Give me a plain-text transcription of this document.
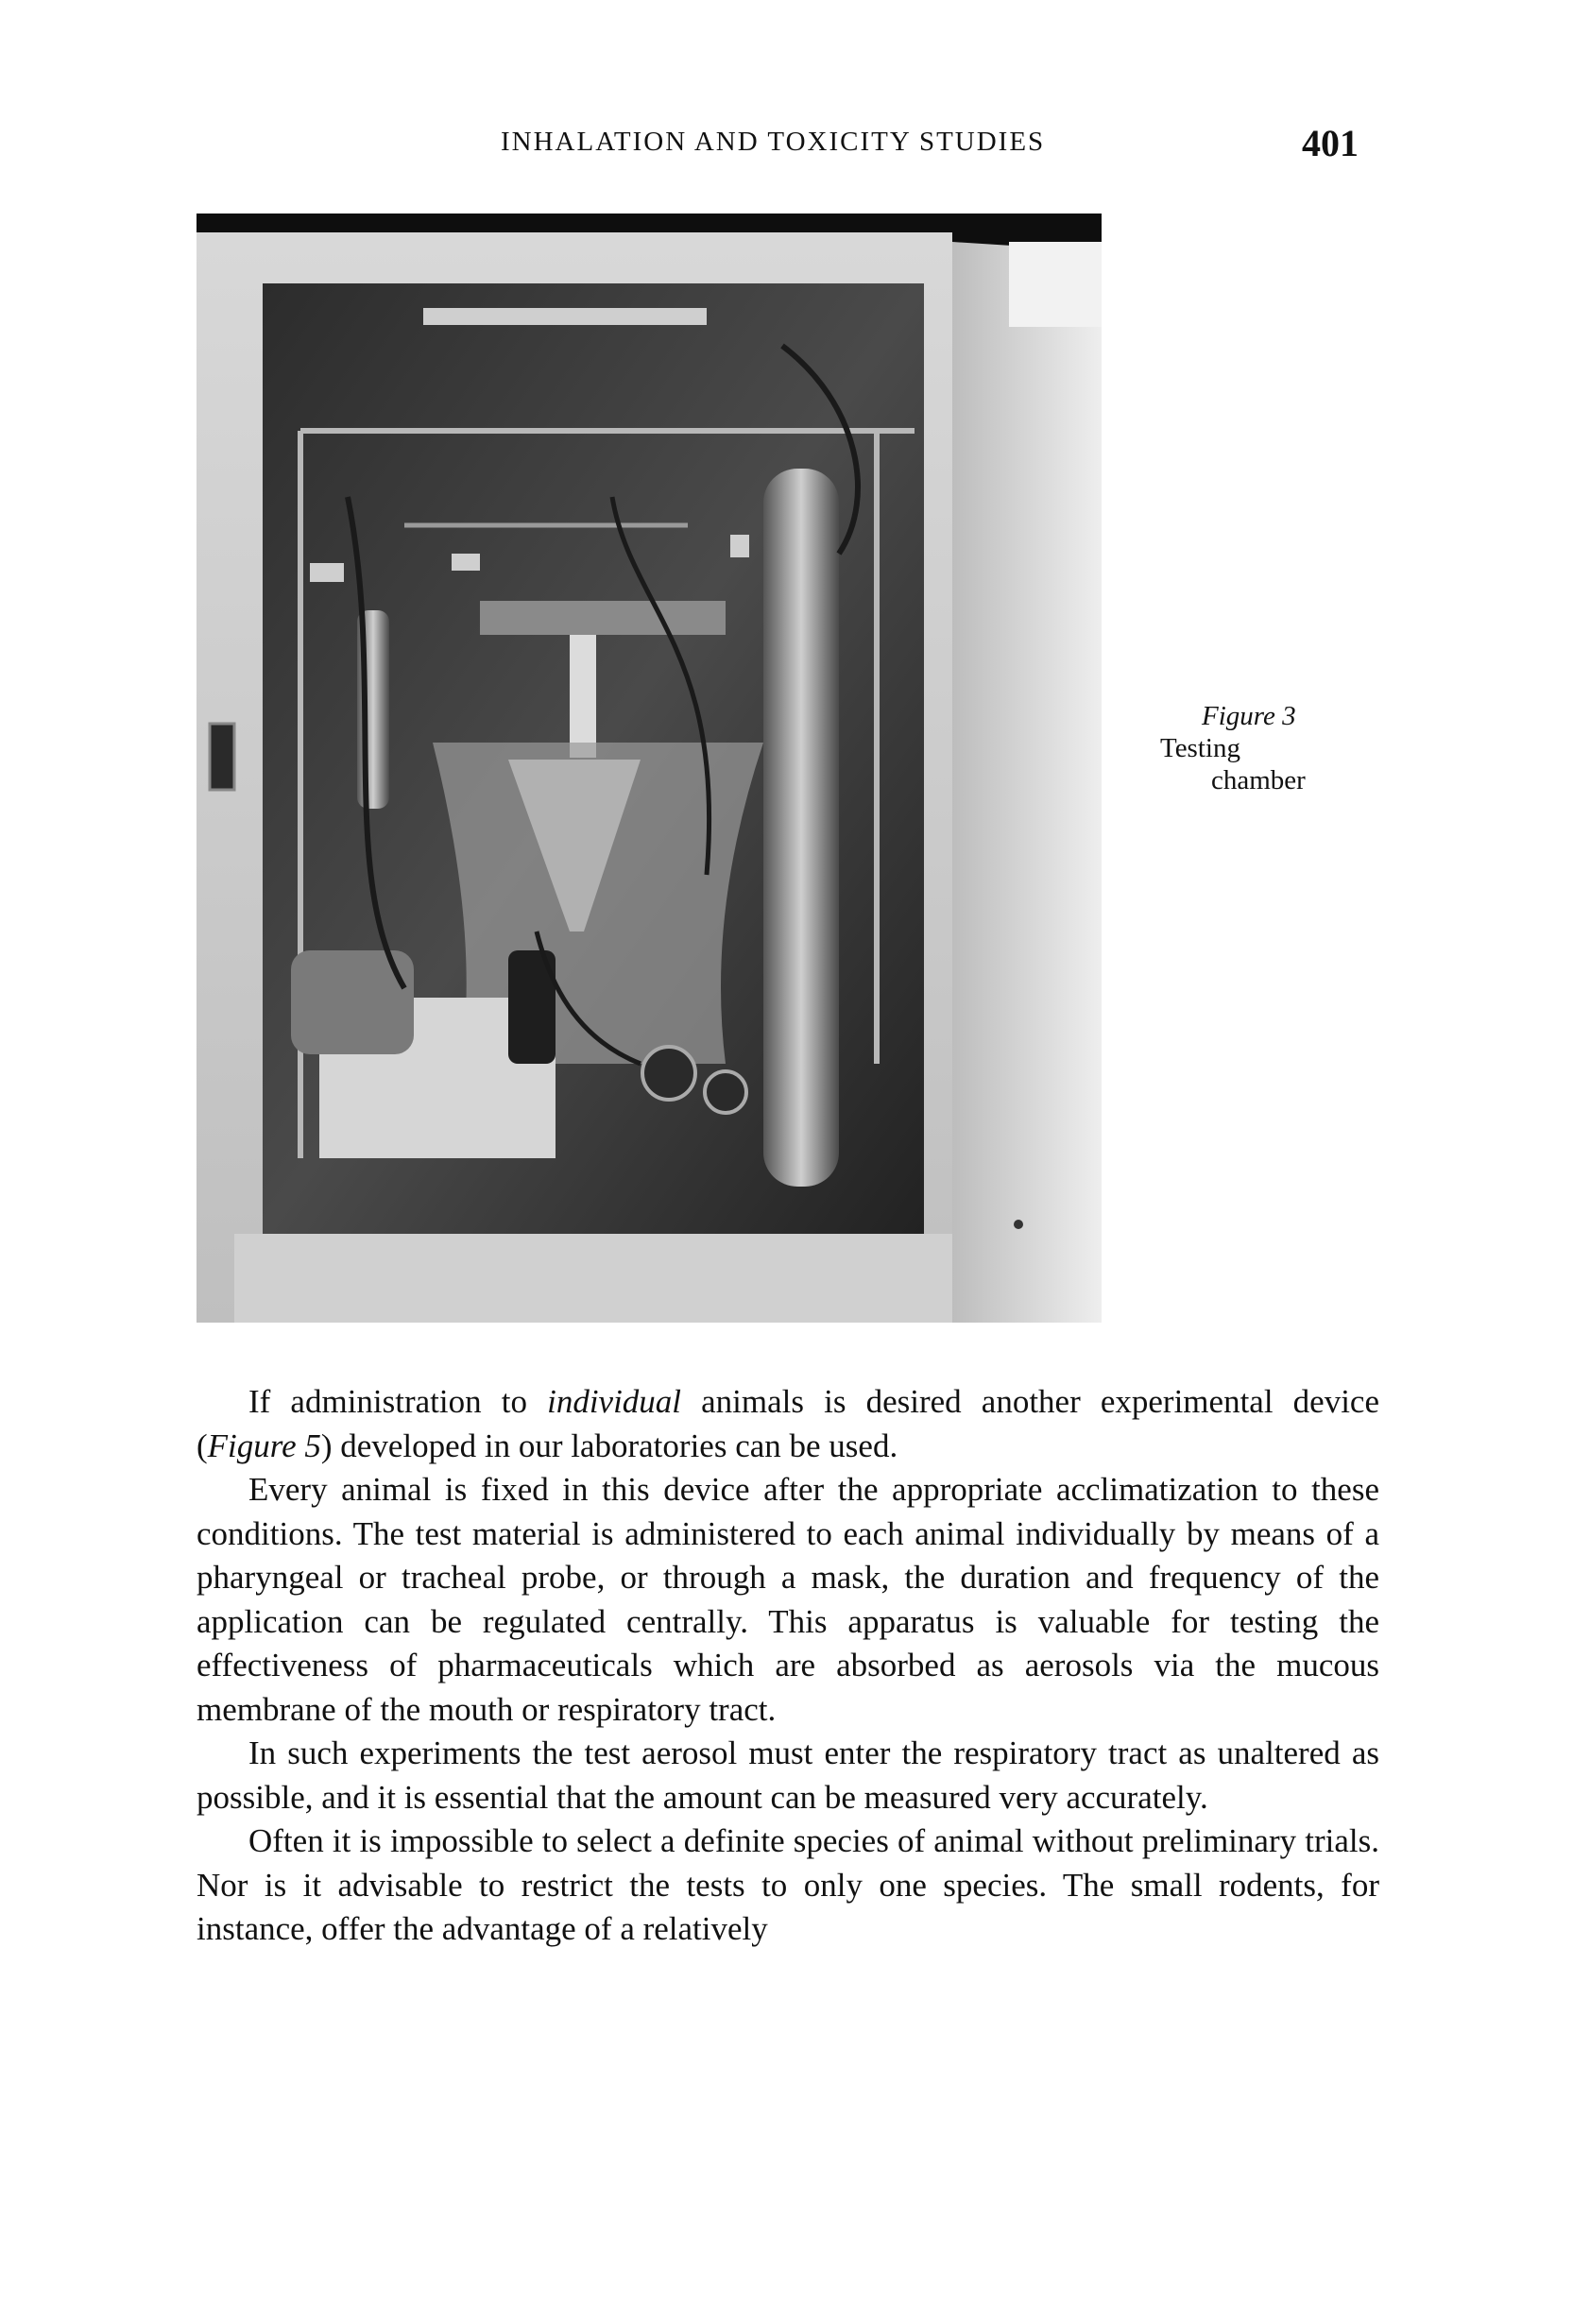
INHALATION AND TOXICITY STUDIES	401
Figure 3
Testing
chamber

If administration to individual animals is desired another experimental device (Figure 5) developed in our laboratories can be used.

Every animal is fixed in this device after the appropriate acclimatization to these conditions. The test material is administered to each animal individually by means of a pharyngeal or tracheal probe, or through a mask, the duration and frequency of the application can be regulated centrally. This apparatus is valuable for testing the effectiveness of pharmaceuticals which are absorbed as aerosols via the mucous membrane of the mouth or respiratory tract.

In such experiments the test aerosol must enter the respiratory tract as unaltered as possible, and it is essential that the amount can be measured very accurately.

Often it is impossible to select a definite species of animal without preliminary trials. Nor is it advisable to restrict the tests to only one species. The small rodents, for instance, offer the advantage of a relatively
